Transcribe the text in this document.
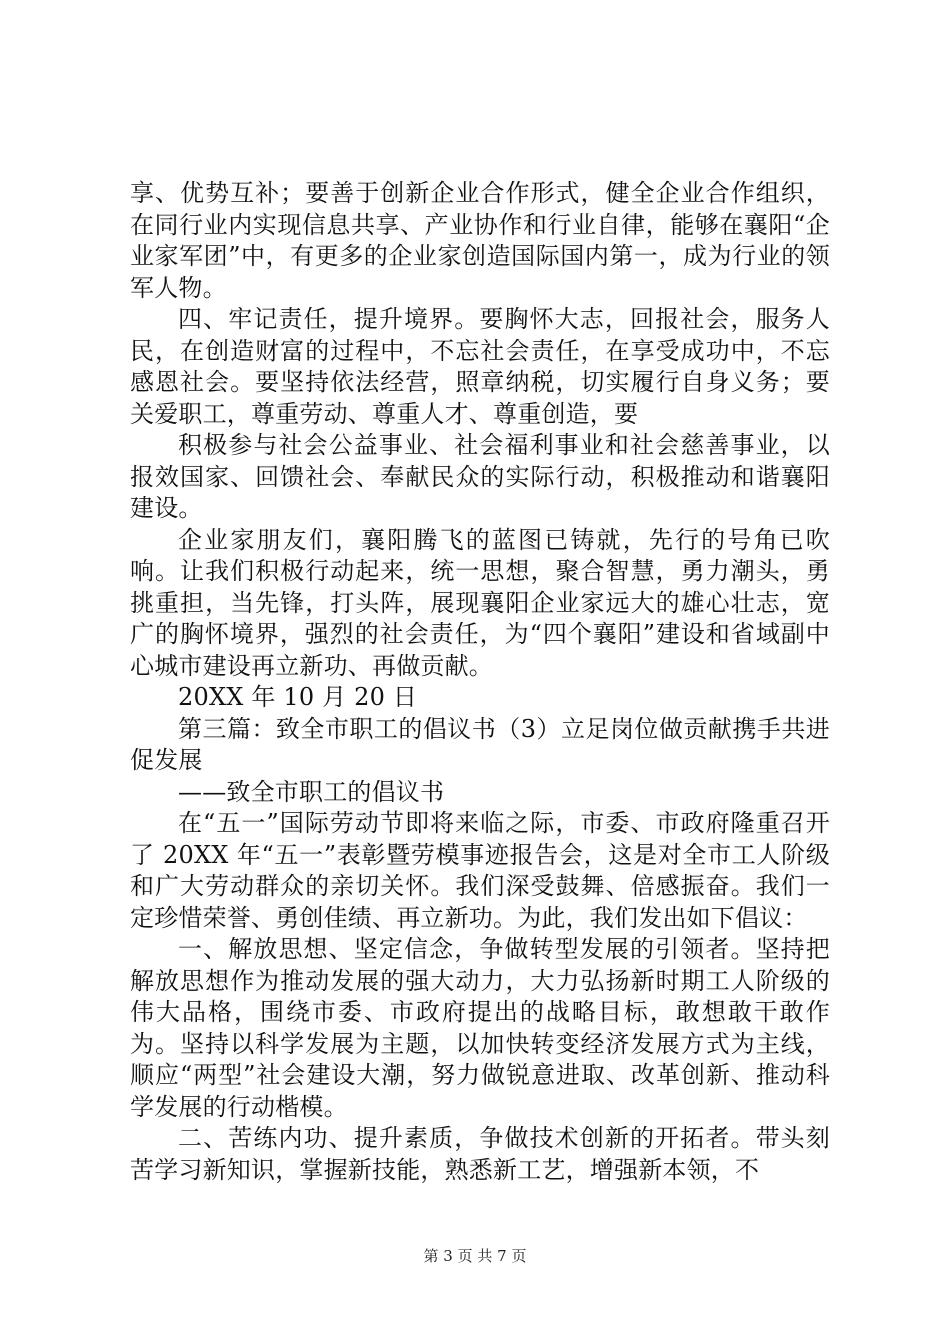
享、优势互补；要善于创新企业合作形式，健全企业合作组织，在同行业内实现信息共享、产业协作和行业自律，能够在襄阳“企业家军团”中，有更多的企业家创造国际国内第一，成为行业的领军人物。

四、牢记责任，提升境界。要胸怀大志，回报社会，服务人民，在创造财富的过程中，不忘社会责任，在享受成功中，不忘感恩社会。要坚持依法经营，照章纳税，切实履行自身义务；要关爱职工，尊重劳动、尊重人才、尊重创造，要

积极参与社会公益事业、社会福利事业和社会慈善事业，以报效国家、回馈社会、奉献民众的实际行动，积极推动和谐襄阳建设。

企业家朋友们，襄阳腾飞的蓝图已铸就，先行的号角已吹响。让我们积极行动起来，统一思想，聚合智慧，勇力潮头，勇挑重担，当先锋，打头阵，展现襄阳企业家远大的雄心壮志，宽广的胸怀境界，强烈的社会责任，为“四个襄阳”建设和省域副中心城市建设再立新功、再做贡献。

20XX 年 10 月 20 日

第三篇：致全市职工的倡议书（3）立足岗位做贡献携手共进促发展

——致全市职工的倡议书

在“五一”国际劳动节即将来临之际，市委、市政府隆重召开了 20XX 年“五一”表彰暨劳模事迹报告会，这是对全市工人阶级和广大劳动群众的亲切关怀。我们深受鼓舞、倍感振奋。我们一定珍惜荣誉、勇创佳绩、再立新功。为此，我们发出如下倡议：

一、解放思想、坚定信念，争做转型发展的引领者。坚持把解放思想作为推动发展的强大动力，大力弘扬新时期工人阶级的伟大品格，围绕市委、市政府提出的战略目标，敢想敢干敢作为。坚持以科学发展为主题，以加快转变经济发展方式为主线，顺应“两型”社会建设大潮，努力做锐意进取、改革创新、推动科学发展的行动楷模。

二、苦练内功、提升素质，争做技术创新的开拓者。带头刻苦学习新知识，掌握新技能，熟悉新工艺，增强新本领，不

第 3 页 共 7 页
